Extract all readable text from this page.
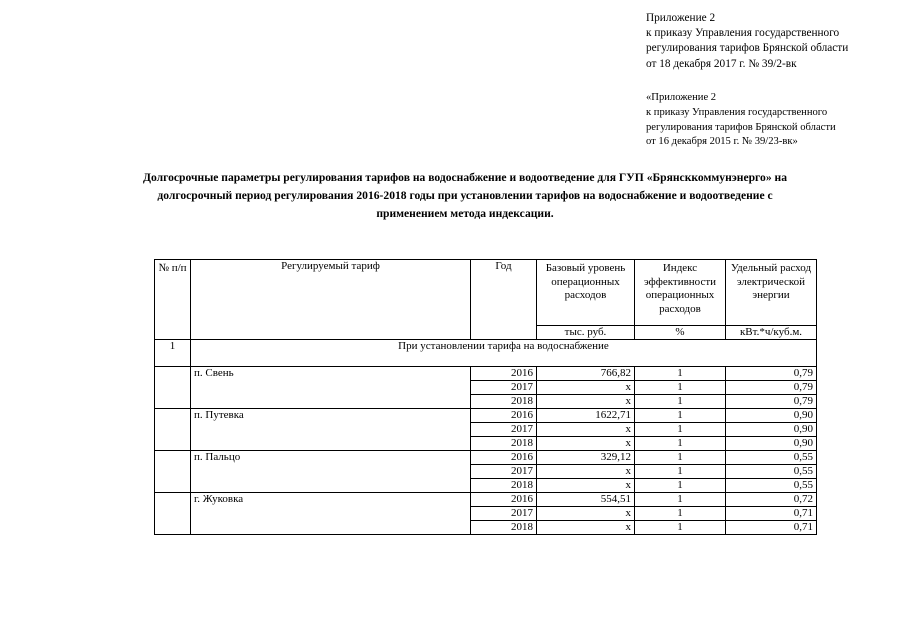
Приложение 2
к приказу Управления государственного
регулирования тарифов Брянской области
от 18 декабря 2017 г. № 39/2-вк
«Приложение 2
к приказу Управления государственного
регулирования тарифов Брянской области
от 16 декабря 2015 г. № 39/23-вк»
Долгосрочные параметры регулирования тарифов на водоснабжение и водоотведение для ГУП «Брянсккоммунэнерго» на
долгосрочный период регулирования 2016-2018 годы при установлении тарифов на водоснабжение и водоотведение с
применением метода индексации.
№ п/п	Регулируемый тариф	Год	Базовый уровень операционных расходов	Индекс эффективности операционных расходов	Удельный расход электрической энергии
			тыс. руб.	%	кВт.*ч/куб.м.
1	При установлении тарифа на водоснабжение				
	п. Свень	2016	766,82	1	0,79
		2017	х	1	0,79
		2018	х	1	0,79
	п. Путевка	2016	1622,71	1	0,90
		2017	х	1	0,90
		2018	х	1	0,90
	п. Пальцо	2016	329,12	1	0,55
		2017	х	1	0,55
		2018	х	1	0,55
	г. Жуковка	2016	554,51	1	0,72
		2017	х	1	0,71
		2018	х	1	0,71
